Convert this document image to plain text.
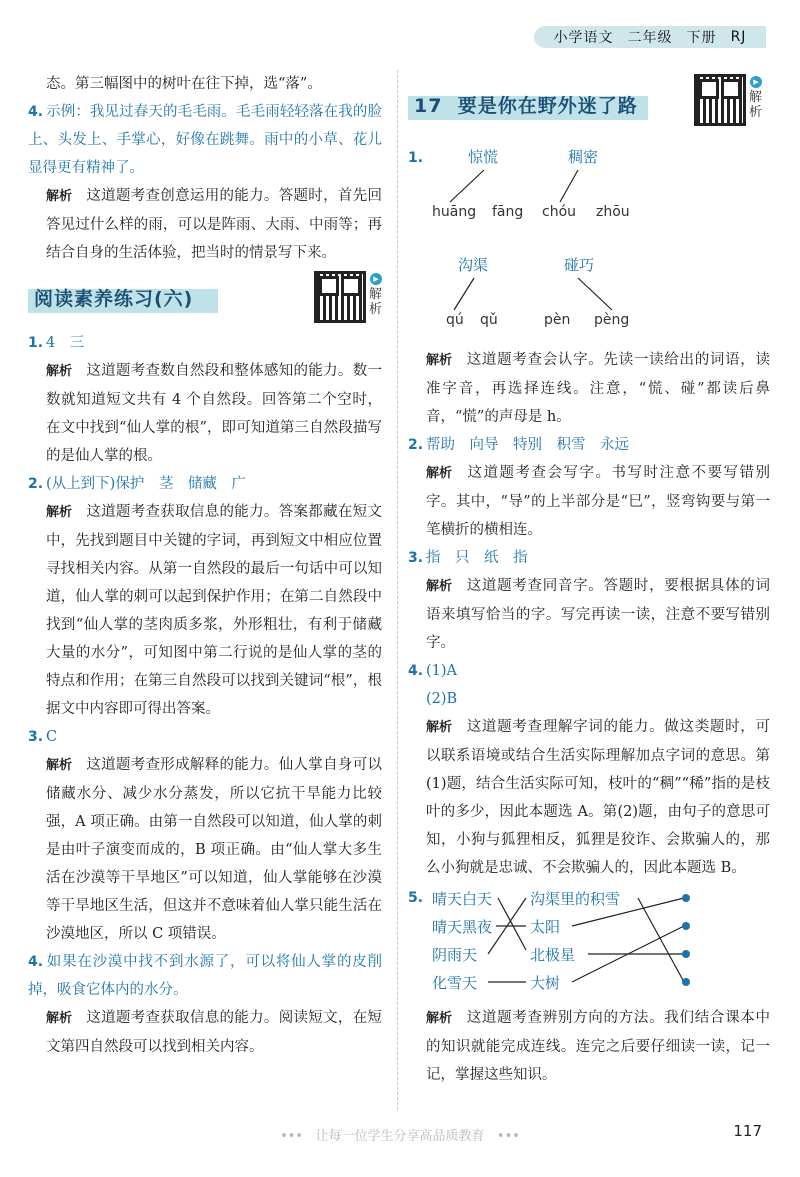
小学语文 二年级 下册 RJ

态。第三幅图中的树叶在往下掉，选“落”。

4. 示例：我见过春天的毛毛雨。毛毛雨轻轻落在我的脸上、头发上、手掌心，好像在跳舞。雨中的小草、花儿显得更有精神了。

解析 这道题考查创意运用的能力。答题时，首先回答见过什么样的雨，可以是阵雨、大雨、中雨等；再结合自身的生活体验，把当时的情景写下来。

阅读素养练习(六)
▶
解析

1. 4　三

解析 这道题考查数自然段和整体感知的能力。数一数就知道短文共有 4 个自然段。回答第二个空时，在文中找到“仙人掌的根”，即可知道第三自然段描写的是仙人掌的根。

2. (从上到下)保护　茎　储藏　广

解析 这道题考查获取信息的能力。答案都藏在短文中，先找到题目中关键的字词，再到短文中相应位置寻找相关内容。从第一自然段的最后一句话中可以知道，仙人掌的刺可以起到保护作用；在第二自然段中找到“仙人掌的茎肉质多浆，外形粗壮，有利于储藏大量的水分”，可知图中第二行说的是仙人掌的茎的特点和作用；在第三自然段可以找到关键词“根”，根据文中内容即可得出答案。

3. C

解析 这道题考查形成解释的能力。仙人掌自身可以储藏水分、减少水分蒸发，所以它抗干旱能力比较强，A 项正确。由第一自然段可以知道，仙人掌的刺是由叶子演变而成的，B 项正确。由“仙人掌大多生活在沙漠等干旱地区”可以知道，仙人掌能够在沙漠等干旱地区生活，但这并不意味着仙人掌只能生活在沙漠地区，所以 C 项错误。

4. 如果在沙漠中找不到水源了，可以将仙人掌的皮削掉，吸食它体内的水分。

解析 这道题考查获取信息的能力。阅读短文，在短文第四自然段可以找到相关内容。

17 要是你在野外迷了路
▶
解析
1.	惊慌	稠密
huāng fāng chóu zhōu
沟渠	碰巧
qú qǔ	pèn pèng

解析 这道题考查会认字。先读一读给出的词语，读准字音，再选择连线。注意，“慌、碰”都读后鼻音，“慌”的声母是 h。

2. 帮助　向导　特别　积雪　永远

解析 这道题考查会写字。书写时注意不要写错别字。其中，“导”的上半部分是“巳”，竖弯钩要与第一笔横折的横相连。

3. 指　只　纸　指

解析 这道题考查同音字。答题时，要根据具体的词语来填写恰当的字。写完再读一读，注意不要写错别字。

4. (1)A

(2)B

解析 这道题考查理解字词的能力。做这类题时，可以联系语境或结合生活实际理解加点字词的意思。第(1)题，结合生活实际可知，枝叶的“稠”“稀”指的是枝叶的多少，因此本题选 A。第(2)题，由句子的意思可知，小狗与狐狸相反，狐狸是狡诈、会欺骗人的，那么小狗就是忠诚、不会欺骗人的，因此本题选 B。

5. 晴天白天
晴天黑夜
阴雨天
化雪天
沟渠里的积雪
太阳
北极星
大树

解析 这道题考查辨别方向的方法。我们结合课本中的知识就能完成连线。连完之后要仔细读一读，记一记，掌握这些知识。

••• 让每一位学生分享高品质教育 •••	117
